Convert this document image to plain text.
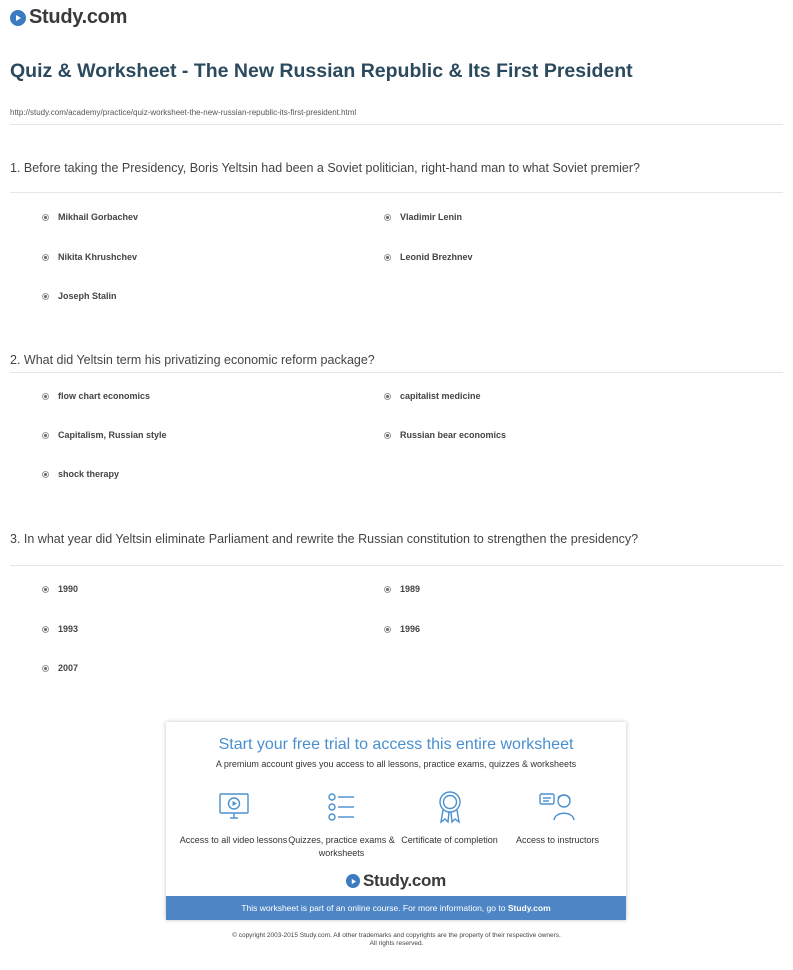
Study.com
Quiz & Worksheet - The New Russian Republic & Its First President
http://study.com/academy/practice/quiz-worksheet-the-new-russian-republic-its-first-president.html
1. Before taking the Presidency, Boris Yeltsin had been a Soviet politician, right-hand man to what Soviet premier?
Mikhail Gorbachev	Vladimir Lenin
Nikita Khrushchev	Leonid Brezhnev
Joseph Stalin
2. What did Yeltsin term his privatizing economic reform package?
flow chart economics	capitalist medicine
Capitalism, Russian style	Russian bear economics
shock therapy
3. In what year did Yeltsin eliminate Parliament and rewrite the Russian constitution to strengthen the presidency?
1990	1989
1993	1996
2007
Start your free trial to access this entire worksheet
A premium account gives you access to all lessons, practice exams, quizzes & worksheets
Access to all video lessons Quizzes, practice exams & worksheets
Certificate of completion	Access to instructors
Study.com
This worksheet is part of an online course. For more information, go to Study.com
© copyright 2003-2015 Study.com. All other trademarks and copyrights are the property of their respective owners.
All rights reserved.
